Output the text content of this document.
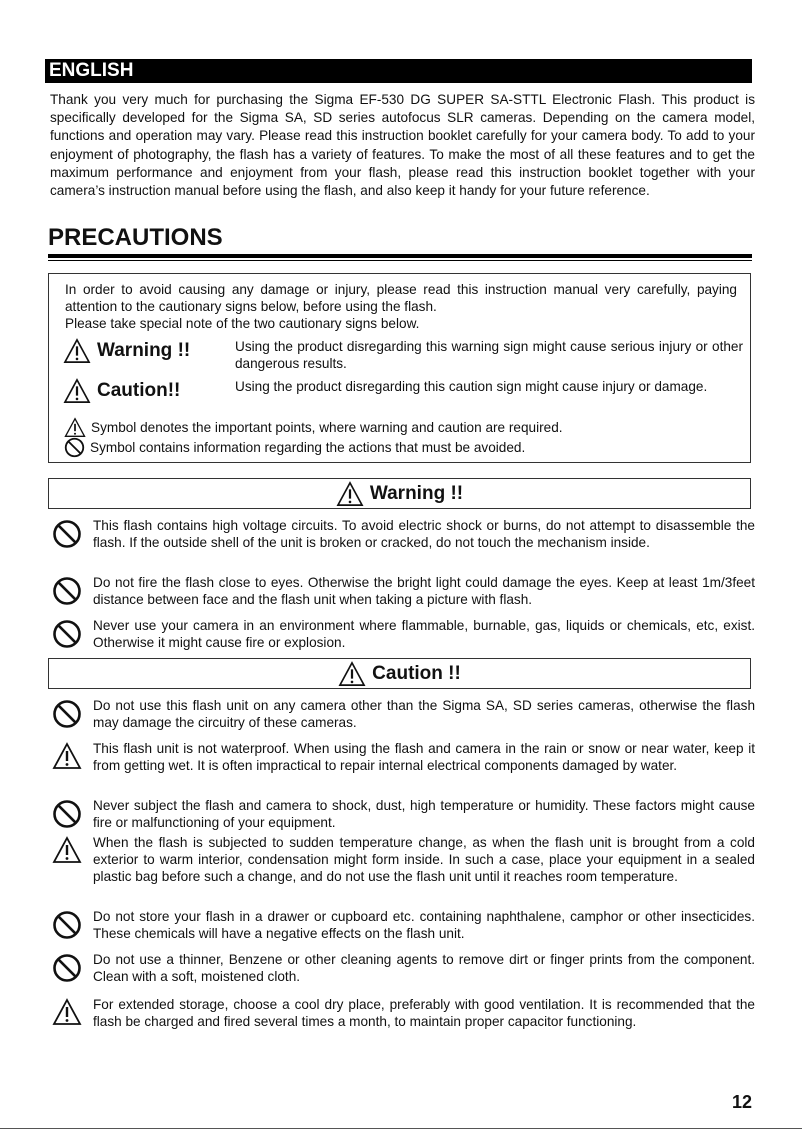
ENGLISH
Thank you very much for purchasing the Sigma EF-530 DG SUPER SA-STTL Electronic Flash. This product is specifically developed for the Sigma SA, SD series autofocus SLR cameras. Depending on the camera model, functions and operation may vary. Please read this instruction booklet carefully for your camera body. To add to your enjoyment of photography, the flash has a variety of features. To make the most of all these features and to get the maximum performance and enjoyment from your flash, please read this instruction booklet together with your camera’s instruction manual before using the flash, and also keep it handy for your future reference.
PRECAUTIONS
In order to avoid causing any damage or injury, please read this instruction manual very carefully, paying attention to the cautionary signs below, before using the flash.
Please take special note of the two cautionary signs below.
Warning !!	Using the product disregarding this warning sign might cause serious injury or other dangerous results.
Caution!!	Using the product disregarding this caution sign might cause injury or damage.
Symbol denotes the important points, where warning and caution are required.
Symbol contains information regarding the actions that must be avoided.
Warning !!
This flash contains high voltage circuits. To avoid electric shock or burns, do not attempt to disassemble the flash. If the outside shell of the unit is broken or cracked, do not touch the mechanism inside.
Do not fire the flash close to eyes. Otherwise the bright light could damage the eyes. Keep at least 1m/3feet distance between face and the flash unit when taking a picture with flash.
Never use your camera in an environment where flammable, burnable, gas, liquids or chemicals, etc, exist. Otherwise it might cause fire or explosion.
Caution !!
Do not use this flash unit on any camera other than the Sigma SA, SD series cameras, otherwise the flash may damage the circuitry of these cameras.
This flash unit is not waterproof. When using the flash and camera in the rain or snow or near water, keep it from getting wet. It is often impractical to repair internal electrical components damaged by water.
Never subject the flash and camera to shock, dust, high temperature or humidity. These factors might cause fire or malfunctioning of your equipment.
When the flash is subjected to sudden temperature change, as when the flash unit is brought from a cold exterior to warm interior, condensation might form inside. In such a case, place your equipment in a sealed plastic bag before such a change, and do not use the flash unit until it reaches room temperature.
Do not store your flash in a drawer or cupboard etc. containing naphthalene, camphor or other insecticides. These chemicals will have a negative effects on the flash unit.
Do not use a thinner, Benzene or other cleaning agents to remove dirt or finger prints from the component. Clean with a soft, moistened cloth.
For extended storage, choose a cool dry place, preferably with good ventilation. It is recommended that the flash be charged and fired several times a month, to maintain proper capacitor functioning.
12
